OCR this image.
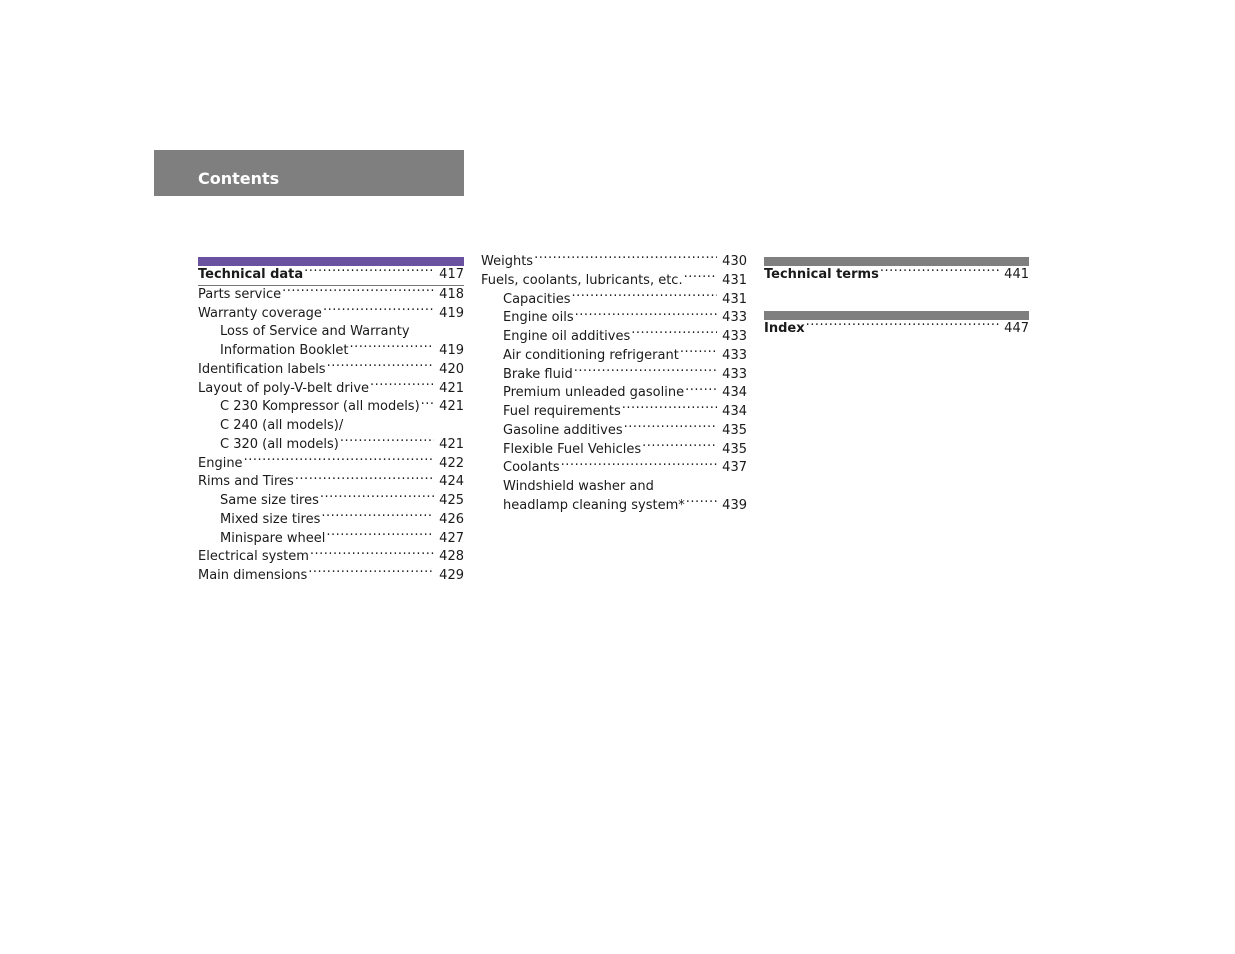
Contents
Technical data .....	417
Parts service .....	418
Warranty coverage .....	419
Loss of Service and Warranty
Information Booklet .....	419
Identification labels .....	420
Layout of poly-V-belt drive .....	421
C 230 Kompressor (all models) ..... 421
C 240 (all models)/
C 320 (all models) .....	421
Engine .....	422
Rims and Tires .....	424
Same size tires .....	425
Mixed size tires .....	426
Minispare wheel .....	427
Electrical system .....	428
Main dimensions .....	429
Weights .....	430
Fuels, coolants, lubricants, etc. .....	431
Capacities .....	431
Engine oils .....	433
Engine oil additives .....	433
Air conditioning refrigerant .....	433
Brake fluid .....	433
Premium unleaded gasoline .....	434
Fuel requirements .....	434
Gasoline additives .....	435
Flexible Fuel Vehicles .....	435
Coolants .....	437
Windshield washer and
headlamp cleaning system* .....	439
Technical terms .....	441
Index .....	447
